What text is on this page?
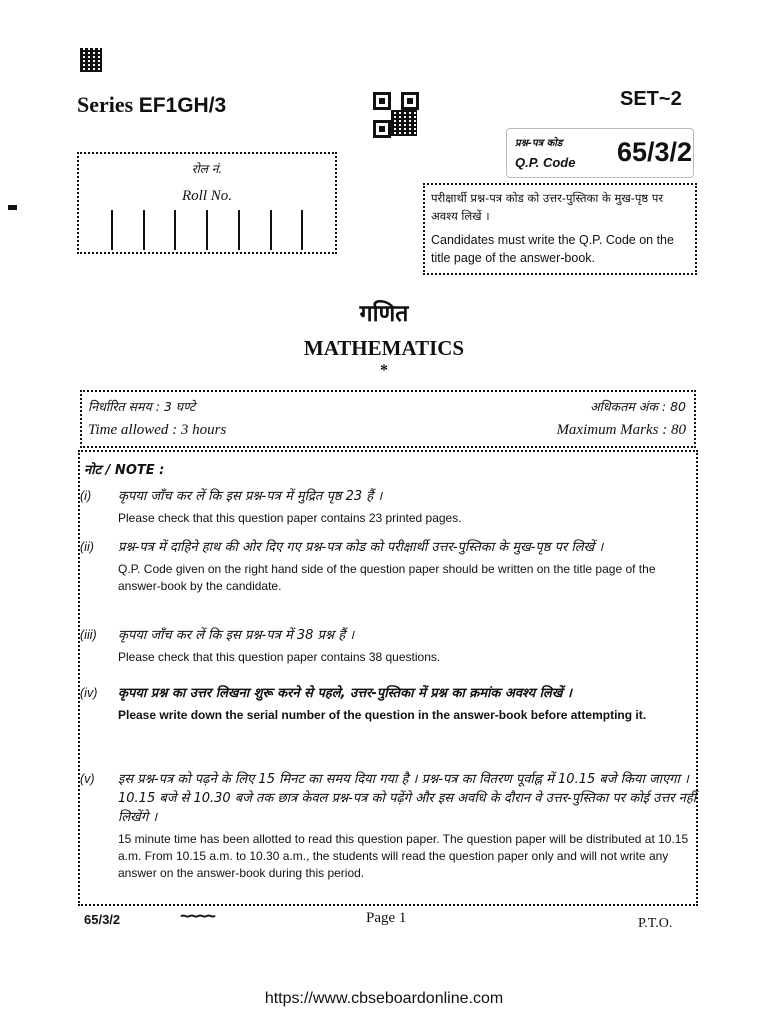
Series EF1GH/3	SET~2
प्रश्न-पत्र कोड
Q.P. Code 65/3/2
रोल नं.
Roll No.	परीक्षार्थी प्रश्न-पत्र कोड को उत्तर-पुस्तिका के मुख-पृष्ठ पर अवश्य लिखें ।
Candidates must write the Q.P. Code on the title page of the answer-book.
गणित
MATHEMATICS
*
निर्धारित समय : 3 घण्टे
Time allowed : 3 hours
अधिकतम अंक : 80
Maximum Marks : 80
नोट / NOTE :
(i) कृपया जाँच कर लें कि इस प्रश्न-पत्र में मुद्रित पृष्ठ 23 हैं ।
Please check that this question paper contains 23 printed pages.
(ii) प्रश्न-पत्र में दाहिने हाथ की ओर दिए गए प्रश्न-पत्र कोड को परीक्षार्थी उत्तर-पुस्तिका के मुख-पृष्ठ पर लिखें ।
Q.P. Code given on the right hand side of the question paper should be written on the title page of the answer-book by the candidate.
(iii) कृपया जाँच कर लें कि इस प्रश्न-पत्र में 38 प्रश्न हैं ।
Please check that this question paper contains 38 questions.
(iv) कृपया प्रश्न का उत्तर लिखना शुरू करने से पहले, उत्तर-पुस्तिका में प्रश्न का क्रमांक अवश्य लिखें ।
Please write down the serial number of the question in the answer-book before attempting it.
(v) इस प्रश्न-पत्र को पढ़ने के लिए 15 मिनट का समय दिया गया है । प्रश्न-पत्र का वितरण पूर्वाह्न में 10.15 बजे किया जाएगा । 10.15 बजे से 10.30 बजे तक छात्र केवल प्रश्न-पत्र को पढ़ेंगे और इस अवधि के दौरान वे उत्तर-पुस्तिका पर कोई उत्तर नहीं लिखेंगे ।
15 minute time has been allotted to read this question paper. The question paper will be distributed at 10.15 a.m. From 10.15 a.m. to 10.30 a.m., the students will read the question paper only and will not write any answer on the answer-book during this period.
65/3/2	~~~~	Page 1	P.T.O.
https://www.cbseboardonline.com
